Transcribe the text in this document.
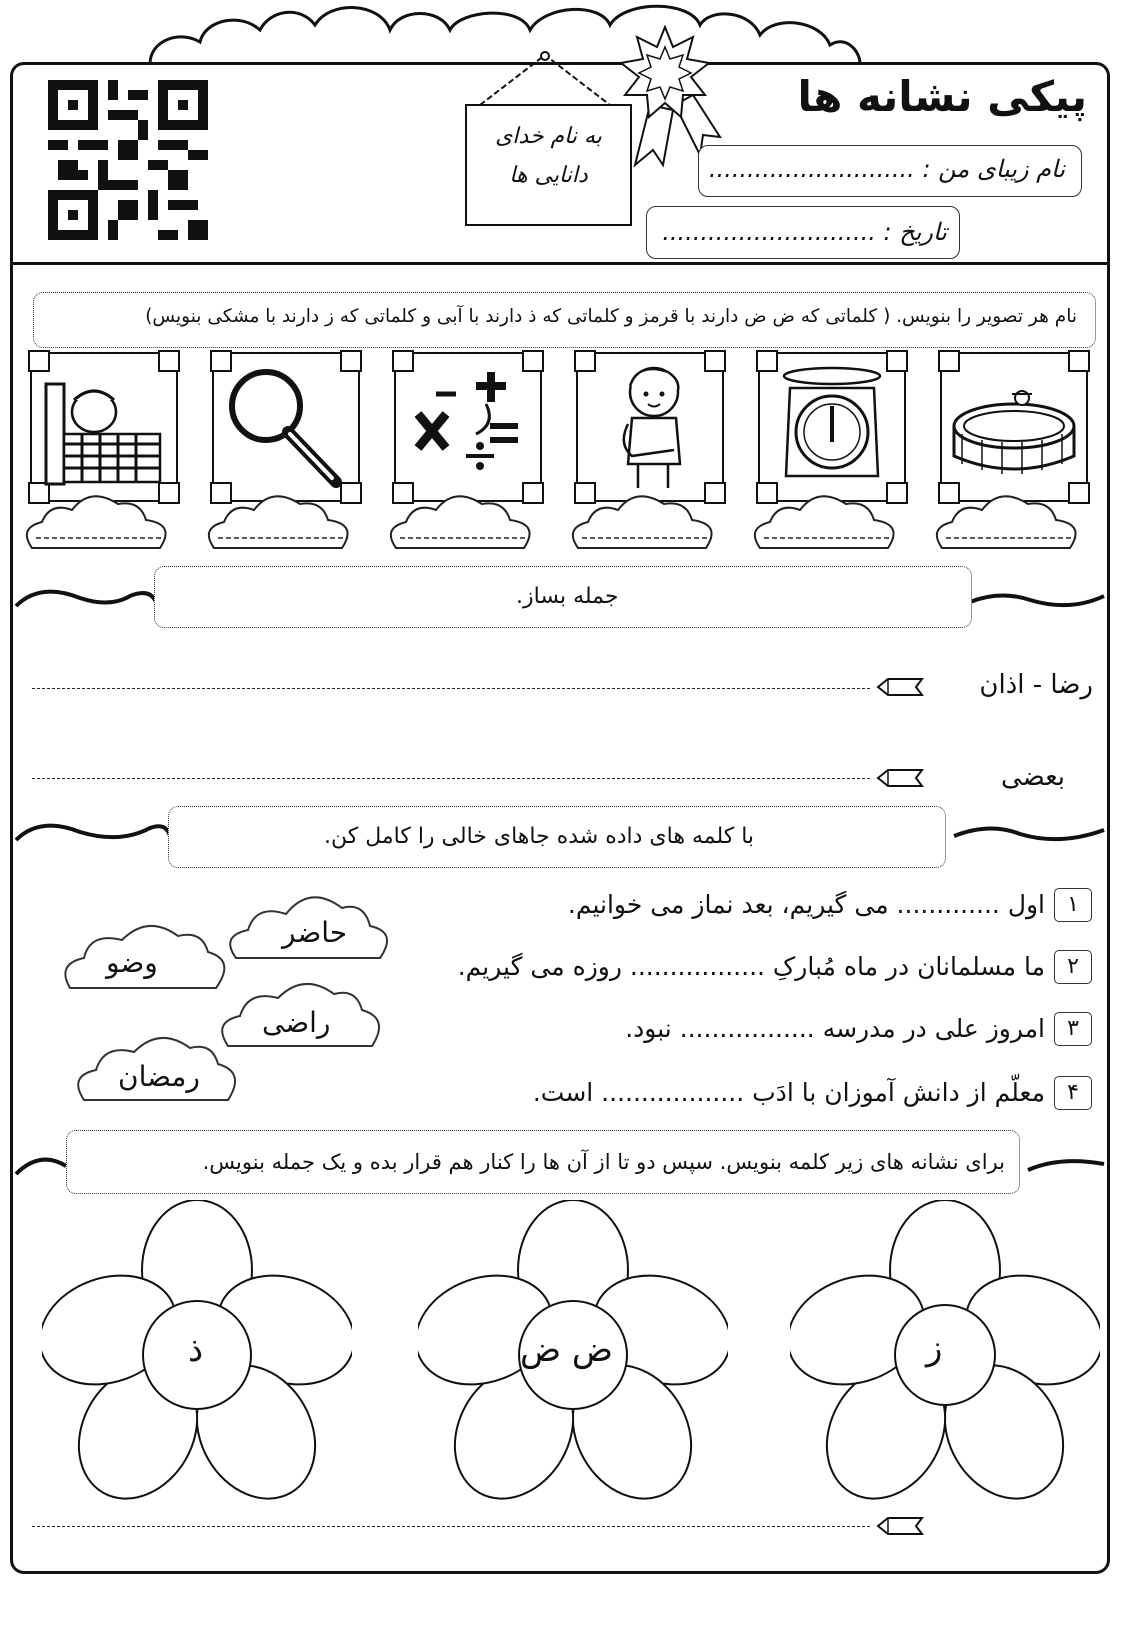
به نام خدای
دانایی ها
پیکی نشانه ها
نام زیبای من : ...........................
تاریخ : ............................
نام هر تصویر را بنویس. ( کلماتی که ض ض دارند با قرمز و کلماتی که ذ دارند با آبی و کلماتی که ز دارند با مشکی بنویس)
جمله بساز.
رضا - اذان
بعضی
با کلمه های داده شده جاهای خالی را کامل کن.
۱
اول ............. می گیریم، بعد نماز می خوانیم.
۲
ما مسلمانان در ماه مُبارکِ ................. روزه می گیریم.
۳
امروز علی در مدرسه ................. نبود.
۴
معلّم از دانش آموزان با ادَب .................. است.
حاضر
وضو
راضی
رمضان
برای نشانه های زیر کلمه بنویس. سپس دو تا از آن ها را کنار هم قرار بده و یک جمله بنویس.
ز
ض ض
ذ
